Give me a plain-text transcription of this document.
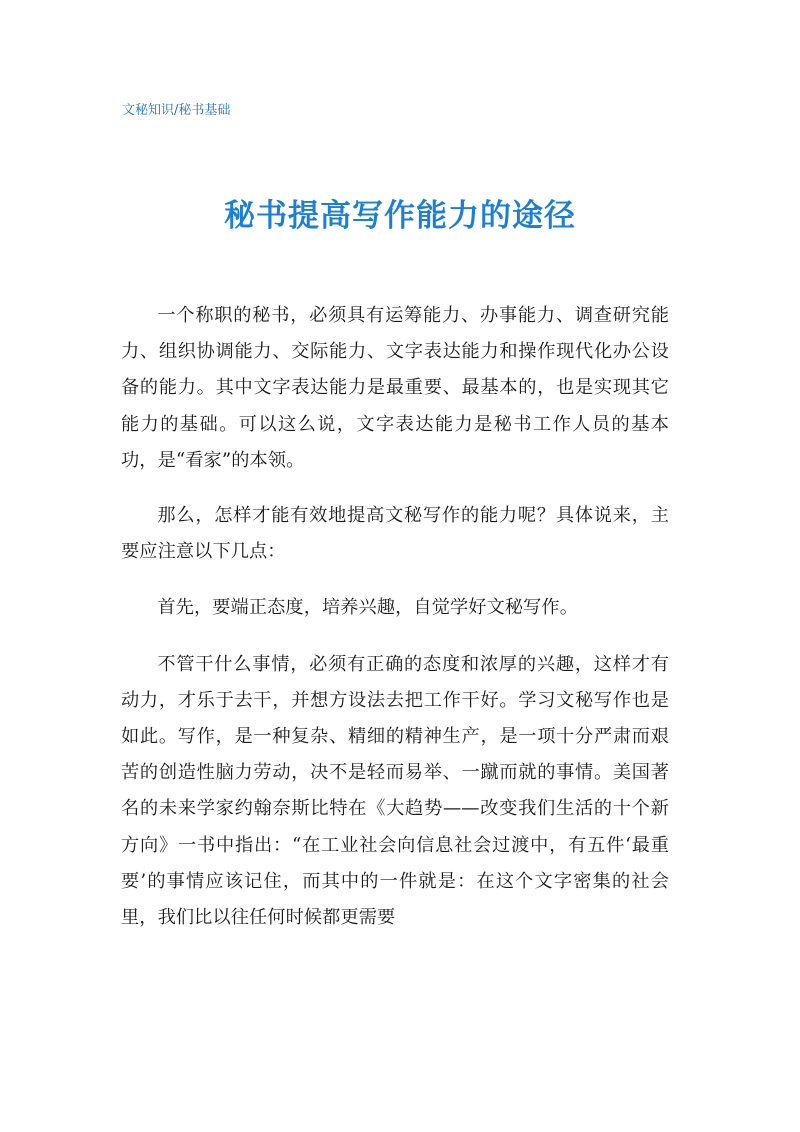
文秘知识/秘书基础
秘书提高写作能力的途径

一个称职的秘书，必须具有运筹能力、办事能力、调查研究能力、组织协调能力、交际能力、文字表达能力和操作现代化办公设备的能力。其中文字表达能力是最重要、最基本的，也是实现其它能力的基础。可以这么说，文字表达能力是秘书工作人员的基本功，是“看家”的本领。

那么，怎样才能有效地提高文秘写作的能力呢？具体说来，主要应注意以下几点：

首先，要端正态度，培养兴趣，自觉学好文秘写作。

不管干什么事情，必须有正确的态度和浓厚的兴趣，这样才有动力，才乐于去干，并想方设法去把工作干好。学习文秘写作也是如此。写作，是一种复杂、精细的精神生产，是一项十分严肃而艰苦的创造性脑力劳动，决不是轻而易举、一蹴而就的事情。美国著名的未来学家约翰奈斯比特在《大趋势——改变我们生活的十个新方向》一书中指出：“在工业社会向信息社会过渡中，有五件‘最重要’的事情应该记住，而其中的一件就是：在这个文字密集的社会里，我们比以往任何时候都更需要
